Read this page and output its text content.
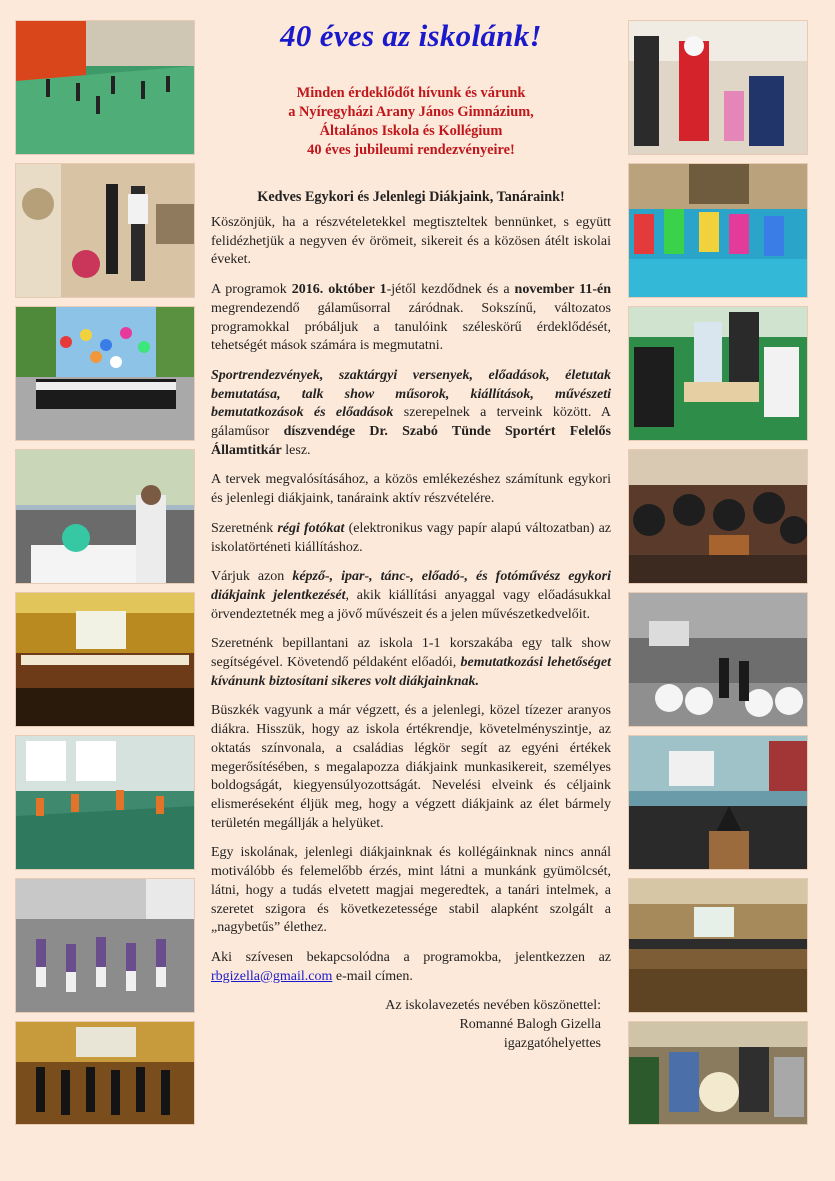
40 éves az iskolánk!
Minden érdeklődőt hívunk és várunk
a Nyíregyházi Arany János Gimnázium,
Általános Iskola és Kollégium
40 éves jubileumi rendezvényeire!
Kedves Egykori és Jelenlegi Diákjaink, Tanáraink!
Köszönjük, ha a részvételetekkel megtiszteltek bennünket, s együtt felidézhetjük a negyven év örömeit, sikereit és a közösen átélt iskolai éveket.
A programok 2016. október 1-jétől kezdődnek és a november 11-én megrendezendő gálaműsorral záródnak. Sokszínű, változatos programokkal próbáljuk a tanulóink széleskörű érdeklődését, tehetségét mások számára is megmutatni.
Sportrendezvények, szaktárgyi versenyek, előadások, életutak bemutatása, talk show műsorok, kiállítások, művészeti bemutatkozások és előadások szerepelnek a terveink között. A gálaműsor díszvendége Dr. Szabó Tünde Sportért Felelős Államtitkár lesz.
A tervek megvalósításához, a közös emlékezéshez számítunk egykori és jelenlegi diákjaink, tanáraink aktív részvételére.
Szeretnénk régi fotókat (elektronikus vagy papír alapú változatban) az iskolatörténeti kiállításhoz.
Várjuk azon képző-, ipar-, tánc-, előadó-, és fotóművész egykori diákjaink jelentkezését, akik kiállítási anyaggal vagy előadásukkal örvendeztetnék meg a jövő művészeit és a jelen művészetkedvelőit.
Szeretnénk bepillantani az iskola 1-1 korszakába egy talk show segítségével. Követendő példaként előadói, bemutatkozási lehetőséget kívánunk biztosítani sikeres volt diákjainknak.
Büszkék vagyunk a már végzett, és a jelenlegi, közel tízezer aranyos diákra. Hisszük, hogy az iskola értékrendje, követelményszintje, az oktatás színvonala, a családias légkör segít az egyéni értékek megerősítésében, s megalapozza diákjaink munkasikereit, személyes boldogságát, kiegyensúlyozottságát. Nevelési elveink és céljaink elismeréseként éljük meg, hogy a végzett diákjaink az élet bármely területén megállják a helyüket.
Egy iskolának, jelenlegi diákjainknak és kollégáinknak nincs annál motiválóbb és felemelőbb érzés, mint látni a munkánk gyümölcsét, látni, hogy a tudás elvetett magjai megeredtek, a tanári intelmek, a szeretet szigora és következetessége stabil alapként szolgált a „nagybetűs” élethez.
Aki szívesen bekapcsolódna a programokba, jelentkezzen az rbgizella@gmail.com e-mail címen.
Az iskolavezetés nevében köszönettel:
Romanné Balogh Gizella
igazgatóhelyettes
